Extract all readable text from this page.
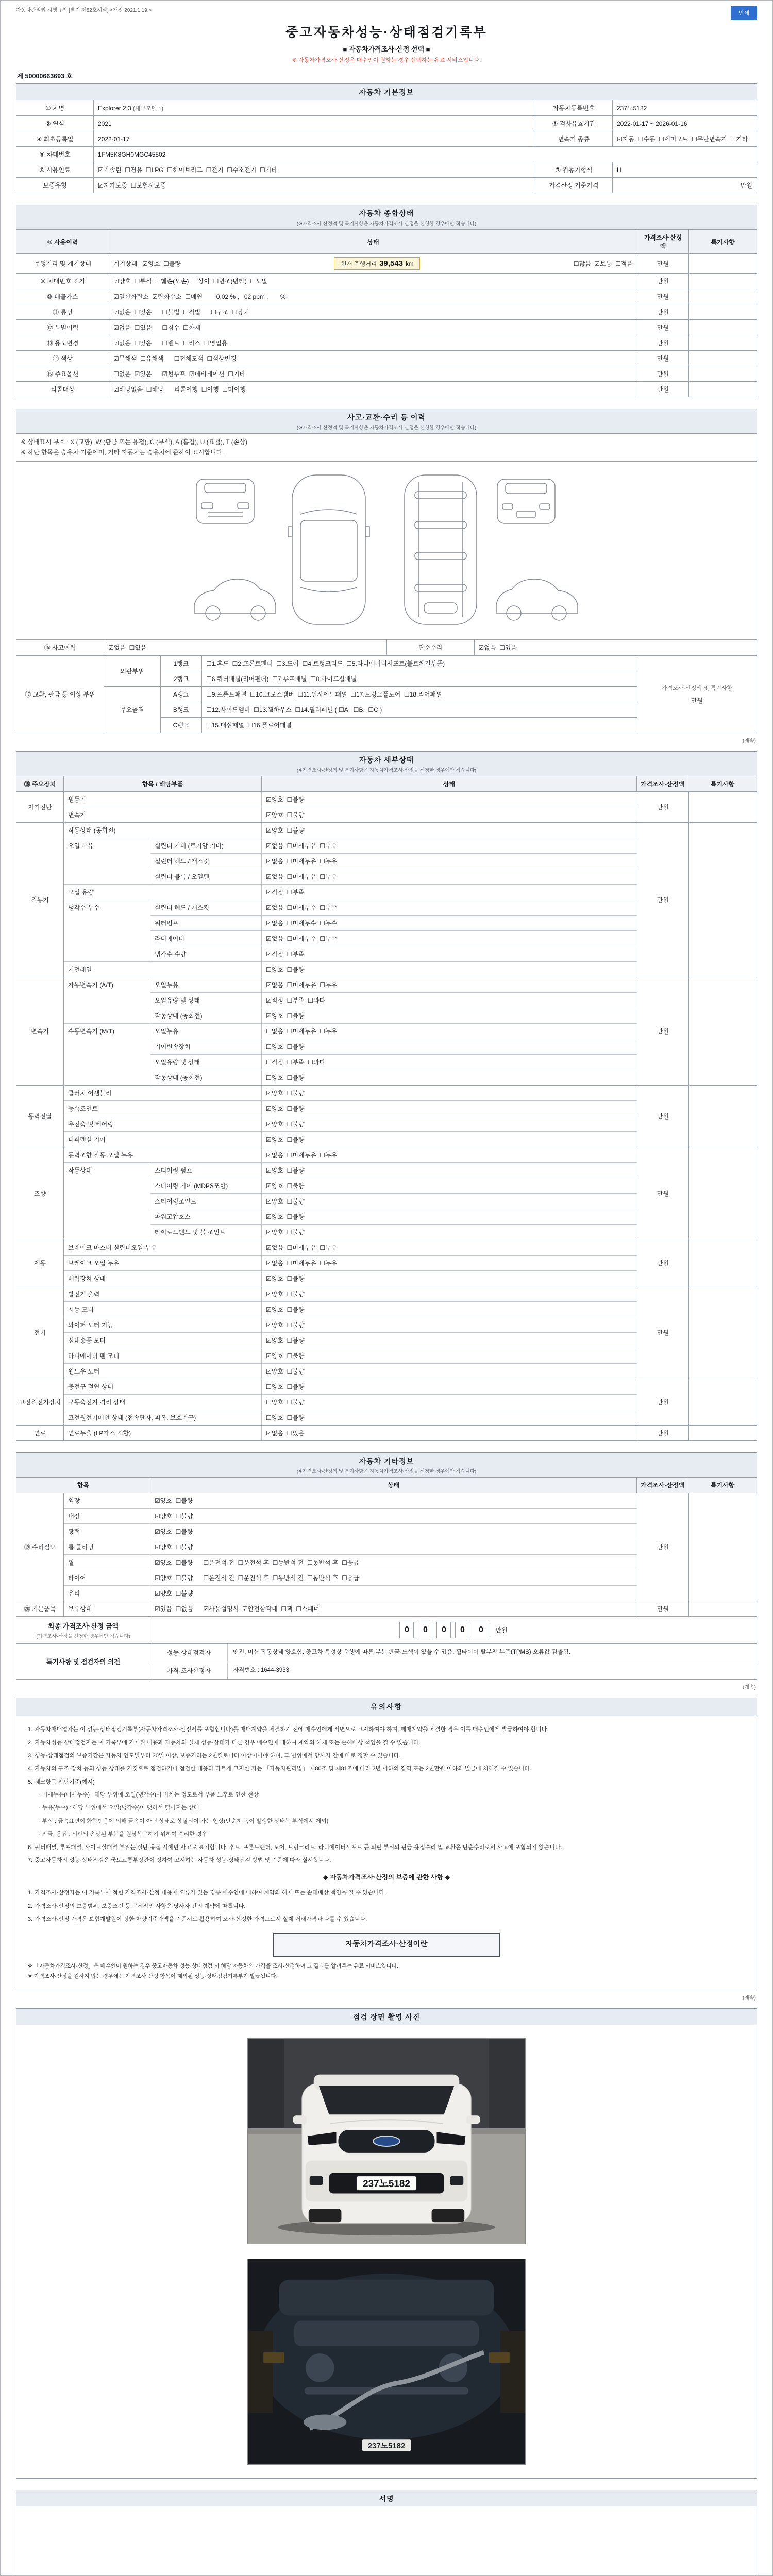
자동차관리법 시행규칙 [별지 제82호서식] <개정 2021.1.19.>	인쇄
중고자동차성능·상태점검기록부
■ 자동차가격조사·산정 선택 ■
※ 자동차가격조사·산정은 매수인이 원하는 경우 선택하는 유료 서비스입니다.
제 50000663693 호
자동차 기본정보
① 차명	Explorer 2.3 (세부모델 : )	자동차등록번호	237노5182
② 연식	2021	③ 검사유효기간	2022-01-17 ~ 2026-01-16
④ 최초등록일	2022-01-17	변속기 종류	☑자동  ☐수동  ☐세미오토  ☐무단변속기  ☐기타
⑤ 차대번호	1FM5K8GH0MGC45502		
⑥ 사용연료	☑가솔린  ☐경유  ☐LPG  ☐하이브리드  ☐전기  ☐수소전기  ☐기타	⑦ 원동기형식	H
보증유형	☑자가보증  ☐보험사보증	가격산정 기준가격	만원
자동차 종합상태
(※가격조사·산정액 및 특기사항은 자동차가격조사·산정을 신청한 경우에만 적습니다)
⑧ 사용이력	상태	가격조사·산정액	특기사항
주행거리 및 계기상태	계기상태   ☑양호  ☐불량 현재 주행거리 39,543 km ☐많음  ☑보통  ☐적음	만원	
⑨ 차대번호 표기	☑양호  ☐부식  ☐훼손(오손)  ☐상이  ☐변조(변타)  ☐도말	만원	
⑩ 배출가스	☑일산화탄소  ☑탄화수소  ☐매연        0.02 % ,   02 ppm ,       %	만원	
⑪ 튜닝	☑없음  ☐있음      ☐불법  ☐적법      ☐구조  ☐장치	만원	
⑫ 특별이력	☑없음  ☐있음      ☐침수  ☐화재	만원	
⑬ 용도변경	☑없음  ☐있음      ☐렌트  ☐리스  ☐영업용	만원	
⑭ 색상	☑무채색  ☐유채색      ☐전체도색  ☐색상변경	만원	
⑮ 주요옵션	☐없음  ☑있음      ☑썬루프  ☑네비게이션  ☐기타	만원	
리콜대상	☑해당없음  ☐해당      리콜이행  ☐이행  ☐미이행	만원	
사고·교환·수리 등 이력
(※가격조사·산정액 및 특기사항은 자동차가격조사·산정을 신청한 경우에만 적습니다)
※ 상태표시 부호 : X (교환), W (판금 또는 용접), C (부식), A (흠집), U (요철), T (손상)
※ 하단 항목은 승용차 기준이며, 기타 자동차는 승용차에 준하여 표시합니다.

⑯ 사고이력	☑없음  ☐있음	단순수리	☑없음  ☐있음
⑰ 교환, 판금 등 이상 부위	외판부위	1랭크	☐1.후드  ☐2.프론트펜더  ☐3.도어  ☐4.트렁크리드  ☐5.라디에이터서포트(볼트체결부품)	가격조사·산정액 및 특기사항
만원

		2랭크	☐6.쿼터패널(리어펜더)  ☐7.루프패널  ☐8.사이드실패널	
	주요골격	A랭크	☐9.프론트패널  ☐10.크로스멤버  ☐11.인사이드패널  ☐17.트렁크플로어  ☐18.리어패널	
		B랭크	☐12.사이드멤버  ☐13.휠하우스  ☐14.필러패널 ( ☐A,  ☐B,  ☐C )	
		C랭크	☐15.대쉬패널  ☐16.플로어패널	
(계속)
자동차 세부상태
(※가격조사·산정액 및 특기사항은 자동차가격조사·산정을 신청한 경우에만 적습니다)
⑱ 주요장치	항목 / 해당부품	상태	가격조사·산정액	특기사항
자기진단
원동기	☑양호  ☐불량
변속기	☑양호  ☐불량
만원
원동기
작동상태 (공회전)	☑양호  ☐불량
오일 누유	실린더 커버 (로커암 커버)	☑없음  ☐미세누유  ☐누유
실린더 헤드 / 개스킷	☑없음  ☐미세누유  ☐누유
실린더 블록 / 오일팬	☑없음  ☐미세누유  ☐누유
오일 유량	☑적정  ☐부족
냉각수 누수	실린더 헤드 / 개스킷	☑없음  ☐미세누수  ☐누수
워터펌프	☑없음  ☐미세누수  ☐누수
라디에이터	☑없음  ☐미세누수  ☐누수
냉각수 수량	☑적정  ☐부족
커먼레일	☐양호  ☐불량
만원
변속기
자동변속기 (A/T)	오일누유	☑없음  ☐미세누유  ☐누유
오일유량 및 상태	☑적정  ☐부족  ☐과다
작동상태 (공회전)	☑양호  ☐불량
수동변속기 (M/T)	오일누유	☐없음  ☐미세누유  ☐누유
기어변속장치	☐양호  ☐불량
오일유량 및 상태	☐적정  ☐부족  ☐과다
작동상태 (공회전)	☐양호  ☐불량
만원
동력전달
클러치 어셈블리	☑양호  ☐불량
등속조인트	☑양호  ☐불량
추진축 및 베어링	☑양호  ☐불량
디퍼렌셜 기어	☑양호  ☐불량
만원
조향
동력조향 작동 오일 누유	☑없음  ☐미세누유  ☐누유
작동상태	스티어링 펌프	☑양호  ☐불량
스티어링 기어 (MDPS포함)	☑양호  ☐불량
스티어링조인트	☑양호  ☐불량
파워고압호스	☑양호  ☐불량
타이로드엔드 및 볼 조인트	☑양호  ☐불량
만원
제동
브레이크 마스터 실린더오일 누유	☑없음  ☐미세누유  ☐누유
브레이크 오일 누유	☑없음  ☐미세누유  ☐누유
배력장치 상태	☑양호  ☐불량
만원
전기
발전기 출력	☑양호  ☐불량
시동 모터	☑양호  ☐불량
와이퍼 모터 기능	☑양호  ☐불량
실내송풍 모터	☑양호  ☐불량
라디에이터 팬 모터	☑양호  ☐불량
윈도우 모터	☑양호  ☐불량
만원
고전원전기장치
충전구 절연 상태	☐양호  ☐불량
구동축전지 격리 상태	☐양호  ☐불량
고전원전기배선 상태 (접속단자, 피복, 보호기구)	☐양호  ☐불량
만원
연료	연료누출 (LP가스 포함)	☑없음  ☐있음	만원
자동차 기타정보
(※가격조사·산정액 및 특기사항은 자동차가격조사·산정을 신청한 경우에만 적습니다)
항목	상태	가격조사·산정액	특기사항
⑲ 수리필요
외장	☑양호  ☐불량
내장	☑양호  ☐불량
광택	☑양호  ☐불량
룸 클리닝	☑양호  ☐불량
휠	☑양호  ☐불량      ☐운전석 전  ☐운전석 후  ☐동반석 전  ☐동반석 후  ☐응급
타이어	☑양호  ☐불량      ☐운전석 전  ☐운전석 후  ☐동반석 전  ☐동반석 후  ☐응급
유리	☑양호  ☐불량
만원
⑳ 기본품목	보유상태	☑있음  ☐없음      ☑사용설명서  ☑안전삼각대  ☐잭  ☐스패너	만원
최종 가격조사·산정 금액
(가격조사·산정을 신청한 경우에만 적습니다)
0	0	0	0	0	만원
특기사항 및 점검자의 의견
성능·상태점검자	엔진, 미션 작동상태 양호함. 중고차 특성상 운행에 따른 부분 판금·도색이 있을 수 있음. 휠타이어 탈부착 부품(TPMS) 오류값 검출됨.
가격·조사산정자	자격번호 : 1644-3933
(계속)
유의사항
1. 자동차매매업자는 이 성능·상태점검기록부(자동차가격조사·산정서를 포함합니다)를 매매계약을 체결하기 전에 매수인에게 서면으로 고지하여야 하며, 매매계약을 체결한 경우 이를 매수인에게 발급하여야 합니다.
2. 자동차성능·상태점검자는 이 기록부에 기재된 내용과 자동차의 실제 성능·상태가 다른 경우 매수인에 대하여 계약의 해제 또는 손해배상 책임을 질 수 있습니다.
3. 성능·상태점검의 보증기간은 자동차 인도일부터 30일 이상, 보증거리는 2천킬로미터 이상이어야 하며, 그 범위에서 당사자 간에 따로 정할 수 있습니다.
4. 자동차의 구조·장치 등의 성능·상태를 거짓으로 점검하거나 점검한 내용과 다르게 고지한 자는 「자동차관리법」 제80조 및 제81조에 따라 2년 이하의 징역 또는 2천만원 이하의 벌금에 처해질 수 있습니다.
5. 체크항목 판단기준(예시)
· 미세누유(미세누수) : 해당 부위에 오일(냉각수)이 비치는 정도로서 부품 노후로 인한 현상
· 누유(누수) : 해당 부위에서 오일(냉각수)이 맺혀서 떨어지는 상태
· 부식 : 금속표면이 화학반응에 의해 금속이 아닌 상태로 상실되어 가는 현상(단순히 녹이 발생한 상태는 부식에서 제외)
· 판금, 용접 : 외판의 손상된 부분을 원상복구하기 위하여 수리한 경우
6. 쿼터패널, 루프패널, 사이드실패널 부위는 절단·용접 시에만 사고로 표기합니다. 후드, 프론트펜더, 도어, 트렁크리드, 라디에이터서포트 등 외판 부위의 판금·용접수리 및 교환은 단순수리로서 사고에 포함되지 않습니다.
7. 중고자동차의 성능·상태점검은 국토교통부장관이 정하여 고시하는 자동차 성능·상태점검 방법 및 기준에 따라 실시합니다.
◆ 자동차가격조사·산정의 보증에 관한 사항 ◆
1. 가격조사·산정자는 이 기록부에 적힌 가격조사·산정 내용에 오류가 있는 경우 매수인에 대하여 계약의 해제 또는 손해배상 책임을 질 수 있습니다.
2. 가격조사·산정의 보증범위, 보증조건 등 구체적인 사항은 당사자 간의 계약에 따릅니다.
3. 가격조사·산정 가격은 보험개발원이 정한 차량기준가액을 기준서로 활용하여 조사·산정한 가격으로서 실제 거래가격과 다를 수 있습니다.
자동차가격조사·산정이란
※ 「자동차가격조사·산정」은 매수인이 원하는 경우 중고자동차 성능·상태점검 시 해당 자동차의 가격을 조사·산정하여 그 결과를 알려주는 유료 서비스입니다.
※ 가격조사·산정을 원하지 않는 경우에는 가격조사·산정 항목이 제외된 성능·상태점검기록부가 발급됩니다.
(계속)
점검 장면 촬영 사진
237노5182
237노5182
서명
